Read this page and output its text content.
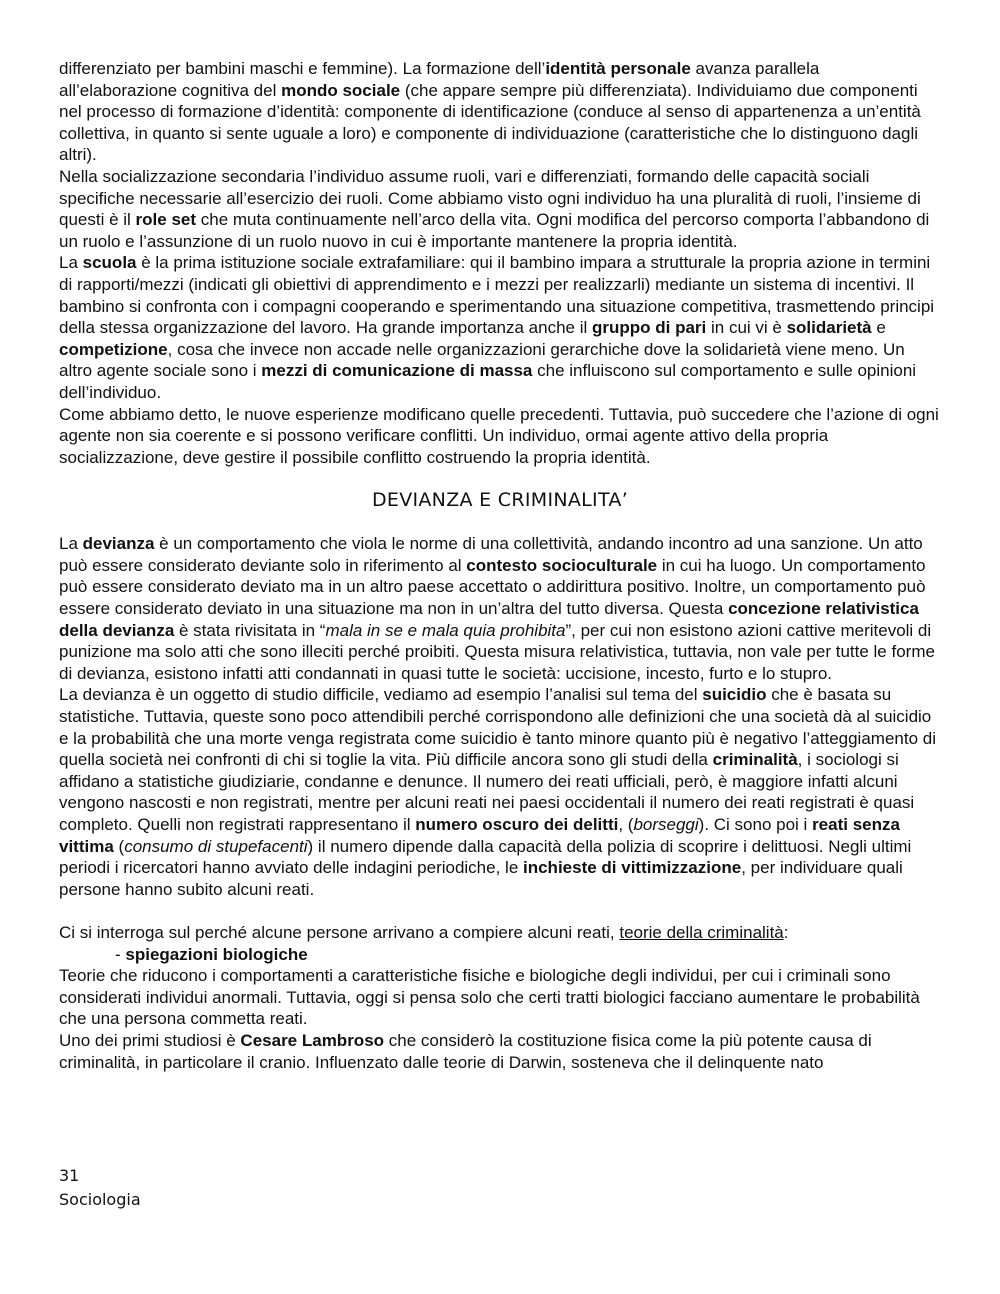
differenziato per bambini maschi e femmine). La formazione dell’identità personale avanza parallela all’elaborazione cognitiva del mondo sociale (che appare sempre più differenziata). Individuiamo due componenti nel processo di formazione d’identità: componente di identificazione (conduce al senso di appartenenza a un’entità collettiva, in quanto si sente uguale a loro) e componente di individuazione (caratteristiche che lo distinguono dagli altri).

Nella socializzazione secondaria l’individuo assume ruoli, vari e differenziati, formando delle capacità sociali specifiche necessarie all’esercizio dei ruoli. Come abbiamo visto ogni individuo ha una pluralità di ruoli, l’insieme di questi è il role set che muta continuamente nell’arco della vita. Ogni modifica del percorso comporta l’abbandono di un ruolo e l’assunzione di un ruolo nuovo in cui è importante mantenere la propria identità.

La scuola è la prima istituzione sociale extrafamiliare: qui il bambino impara a strutturale la propria azione in termini di rapporti/mezzi (indicati gli obiettivi di apprendimento e i mezzi per realizzarli) mediante un sistema di incentivi. Il bambino si confronta con i compagni cooperando e sperimentando una situazione competitiva, trasmettendo principi della stessa organizzazione del lavoro. Ha grande importanza anche il gruppo di pari in cui vi è solidarietà e competizione, cosa che invece non accade nelle organizzazioni gerarchiche dove la solidarietà viene meno. Un altro agente sociale sono i mezzi di comunicazione di massa che influiscono sul comportamento e sulle opinioni dell’individuo.

Come abbiamo detto, le nuove esperienze modificano quelle precedenti. Tuttavia, può succedere che l’azione di ogni agente non sia coerente e si possono verificare conflitti. Un individuo, ormai agente attivo della propria socializzazione, deve gestire il possibile conflitto costruendo la propria identità.

DEVIANZA E CRIMINALITA’

La devianza è un comportamento che viola le norme di una collettività, andando incontro ad una sanzione. Un atto può essere considerato deviante solo in riferimento al contesto socioculturale in cui ha luogo. Un comportamento può essere considerato deviato ma in un altro paese accettato o addirittura positivo. Inoltre, un comportamento può essere considerato deviato in una situazione ma non in un’altra del tutto diversa. Questa concezione relativistica della devianza è stata rivisitata in “mala in se e mala quia prohibita”, per cui non esistono azioni cattive meritevoli di punizione ma solo atti che sono illeciti perché proibiti. Questa misura relativistica, tuttavia, non vale per tutte le forme di devianza, esistono infatti atti condannati in quasi tutte le società: uccisione, incesto, furto e lo stupro.

La devianza è un oggetto di studio difficile, vediamo ad esempio l’analisi sul tema del suicidio che è basata su statistiche. Tuttavia, queste sono poco attendibili perché corrispondono alle definizioni che una società dà al suicidio e la probabilità che una morte venga registrata come suicidio è tanto minore quanto più è negativo l’atteggiamento di quella società nei confronti di chi si toglie la vita. Più difficile ancora sono gli studi della criminalità, i sociologi si affidano a statistiche giudiziarie, condanne e denunce. Il numero dei reati ufficiali, però, è maggiore infatti alcuni vengono nascosti e non registrati, mentre per alcuni reati nei paesi occidentali il numero dei reati registrati è quasi completo. Quelli non registrati rappresentano il numero oscuro dei delitti, (borseggi). Ci sono poi i reati senza vittima (consumo di stupefacenti) il numero dipende dalla capacità della polizia di scoprire i delittuosi. Negli ultimi periodi i ricercatori hanno avviato delle indagini periodiche, le inchieste di vittimizzazione, per individuare quali persone hanno subito alcuni reati.

Ci si interroga sul perché alcune persone arrivano a compiere alcuni reati, teorie della criminalità:

- spiegazioni biologiche

Teorie che riducono i comportamenti a caratteristiche fisiche e biologiche degli individui, per cui i criminali sono considerati individui anormali. Tuttavia, oggi si pensa solo che certi tratti biologici facciano aumentare le probabilità che una persona commetta reati.

Uno dei primi studiosi è Cesare Lambroso che considerò la costituzione fisica come la più potente causa di criminalità, in particolare il cranio. Influenzato dalle teorie di Darwin, sosteneva che il delinquente nato

31
Sociologia
